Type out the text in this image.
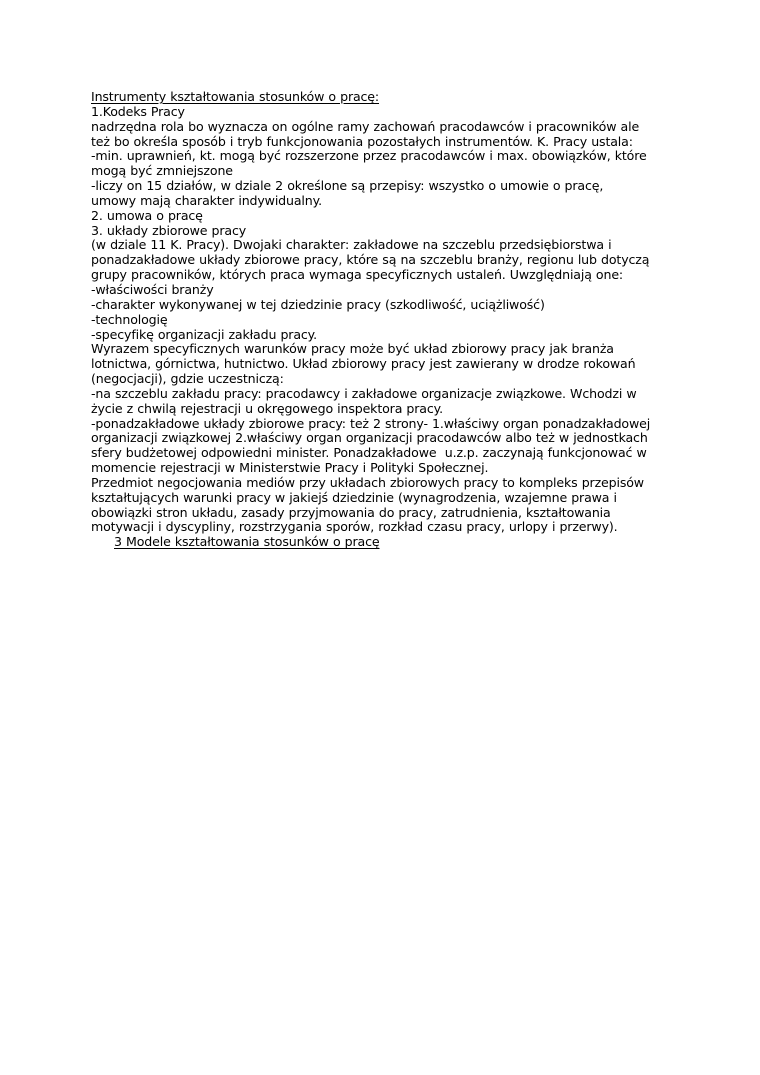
Instrumenty kształtowania stosunków o pracę:
1.Kodeks Pracy
nadrzędna rola bo wyznacza on ogólne ramy zachowań pracodawców i pracowników ale
też bo określa sposób i tryb funkcjonowania pozostałych instrumentów. K. Pracy ustala:
-min. uprawnień, kt. mogą być rozszerzone przez pracodawców i max. obowiązków, które
mogą być zmniejszone
-liczy on 15 działów, w dziale 2 określone są przepisy: wszystko o umowie o pracę,
umowy mają charakter indywidualny.
2. umowa o pracę
3. układy zbiorowe pracy
(w dziale 11 K. Pracy). Dwojaki charakter: zakładowe na szczeblu przedsiębiorstwa i
ponadzakładowe układy zbiorowe pracy, które są na szczeblu branży, regionu lub dotyczą
grupy pracowników, których praca wymaga specyficznych ustaleń. Uwzględniają one:
-właściwości branży
-charakter wykonywanej w tej dziedzinie pracy (szkodliwość, uciążliwość)
-technologię
-specyfikę organizacji zakładu pracy.
Wyrazem specyficznych warunków pracy może być układ zbiorowy pracy jak branża
lotnictwa, górnictwa, hutnictwo. Układ zbiorowy pracy jest zawierany w drodze rokowań
(negocjacji), gdzie uczestniczą:
-na szczeblu zakładu pracy: pracodawcy i zakładowe organizacje związkowe. Wchodzi w
życie z chwilą rejestracji u okręgowego inspektora pracy.
-ponadzakładowe układy zbiorowe pracy: też 2 strony- 1.właściwy organ ponadzakładowej
organizacji związkowej 2.właściwy organ organizacji pracodawców albo też w jednostkach
sfery budżetowej odpowiedni minister. Ponadzakładowe  u.z.p. zaczynają funkcjonować w
momencie rejestracji w Ministerstwie Pracy i Polityki Społecznej.
Przedmiot negocjowania mediów przy układach zbiorowych pracy to kompleks przepisów
kształtujących warunki pracy w jakiejś dziedzinie (wynagrodzenia, wzajemne prawa i
obowiązki stron układu, zasady przyjmowania do pracy, zatrudnienia, kształtowania
motywacji i dyscypliny, rozstrzygania sporów, rozkład czasu pracy, urlopy i przerwy).
3 Modele kształtowania stosunków o pracę
